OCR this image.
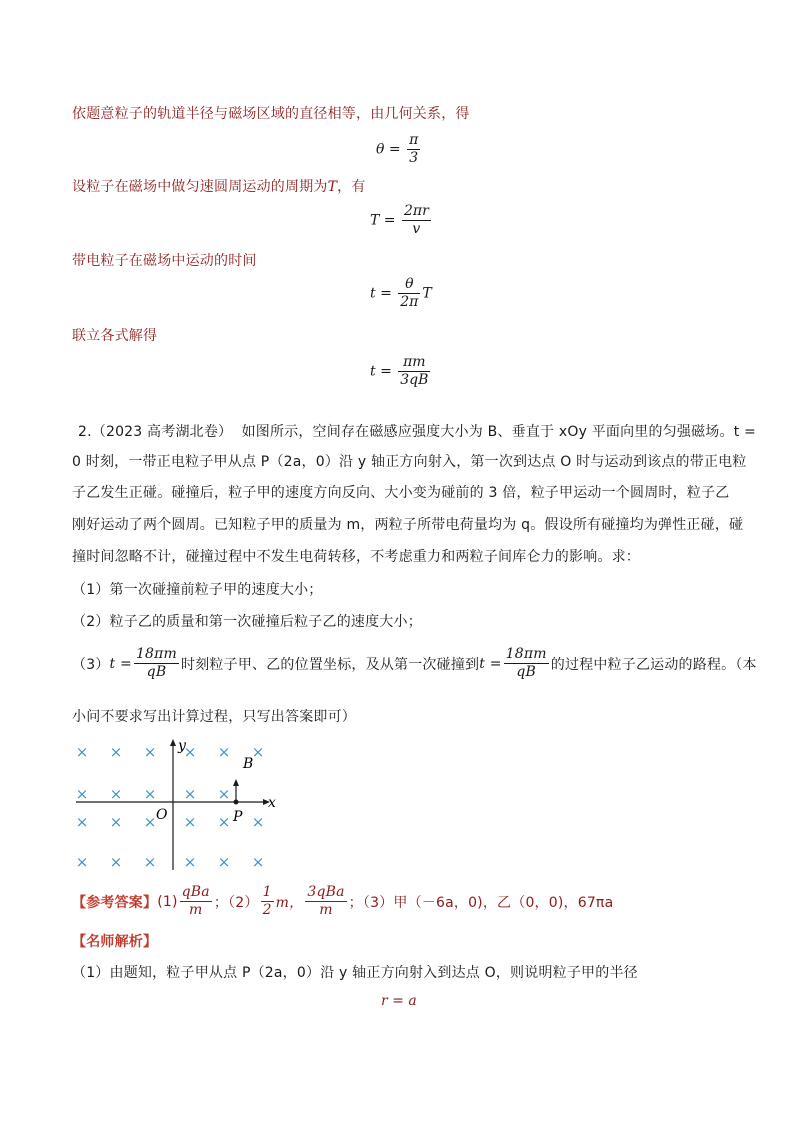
依题意粒子的轨道半径与磁场区域的直径相等，由几何关系，得
$\theta = \frac{\pi}{3}$
设粒子在磁场中做匀速圆周运动的周期为T，有
$T = \frac{2\pi r}{v}$
带电粒子在磁场中运动的时间
$t = \frac{\theta}{2\pi}$ T
联立各式解得
$t = \frac{\pi m}{3qB}$
2.（2023 高考湖北卷） 如图所示，空间存在磁感应强度大小为 B、垂直于 xOy 平面向里的匀强磁场。t =
0 时刻，一带正电粒子甲从点 P（2a，0）沿 y 轴正方向射入，第一次到达点 O 时与运动到该点的带正电粒
子乙发生正碰。碰撞后，粒子甲的速度方向反向、大小变为碰前的 3 倍，粒子甲运动一个圆周时，粒子乙
刚好运动了两个圆周。已知粒子甲的质量为 m，两粒子所带电荷量均为 q。假设所有碰撞均为弹性正碰，碰
撞时间忽略不计，碰撞过程中不发生电荷转移，不考虑重力和两粒子间库仑力的影响。求：
（1）第一次碰撞前粒子甲的速度大小；
（2）粒子乙的质量和第一次碰撞后粒子乙的速度大小；
（3） $t = \frac{18\pi m}{qB}$ 时刻粒子甲、乙的位置坐标，及从第一次碰撞到 $t = \frac{18\pi m}{qB}$ 的过程中粒子乙运动的路程。（本
小问不要求写出计算过程，只写出答案即可）
× × × × × ×
× × × × ×
× × × × × ×
× × × × × ×
y
x
O	P
B
【参考答案】 $(1) \frac{\text{qBa}}{m}$ ；$(2) \frac{1}{2}$ m， $\frac{\text{3qBa}}{m}$ ；（3） 甲（－6a，0)，乙（0，0)，67πa
【名师解析】
（1）由题知，粒子甲从点 P（2a，0）沿 y 轴正方向射入到达点 O，则说明粒子甲的半径
r = a
